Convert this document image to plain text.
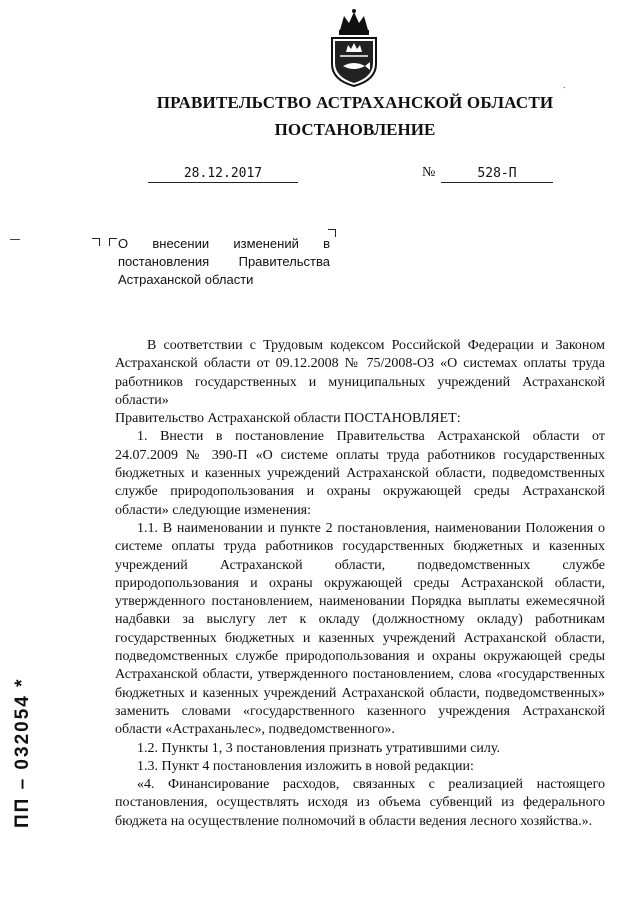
⸱
ПРАВИТЕЛЬСТВО АСТРАХАНСКОЙ ОБЛАСТИ
ПОСТАНОВЛЕНИЕ
28.12.2017	№	528-П
О внесении изменений в постановления Правительства Астраханской области

В соответствии с Трудовым кодексом Российской Федерации и Законом Астраханской области от 09.12.2008 № 75/2008-ОЗ «О системах оплаты труда работников государственных и муниципальных учреждений Астраханской области»

Правительство Астраханской области ПОСТАНОВЛЯЕТ:

1. Внести в постановление Правительства Астраханской области от 24.07.2009 № 390-П «О системе оплаты труда работников государственных бюджетных и казенных учреждений Астраханской области, подведомственных службе природопользования и охраны окружающей среды Астраханской области» следующие изменения:

1.1. В наименовании и пункте 2 постановления, наименовании Положения о системе оплаты труда работников государственных бюджетных и казенных учреждений Астраханской области, подведомственных службе природопользования и охраны окружающей среды Астраханской области, утвержденного постановлением, наименовании Порядка выплаты ежемесячной надбавки за выслугу лет к окладу (должностному окладу) работникам государственных бюджетных и казенных учреждений Астраханской области, подведомственных службе природопользования и охраны окружающей среды Астраханской области, утвержденного постановлением, слова «государственных бюджетных и казенных учреждений Астраханской области, подведомственных» заменить словами «государственного казенного учреждения Астраханской области «Астраханьлес», подведомственного».

1.2. Пункты 1, 3 постановления признать утратившими силу.

1.3. Пункт 4 постановления изложить в новой редакции:

«4. Финансирование расходов, связанных с реализацией настоящего постановления, осуществлять исходя из объема субвенций из федерального бюджета на осуществление полномочий в области ведения лесного хозяйства.».

ПП – 032054 *
